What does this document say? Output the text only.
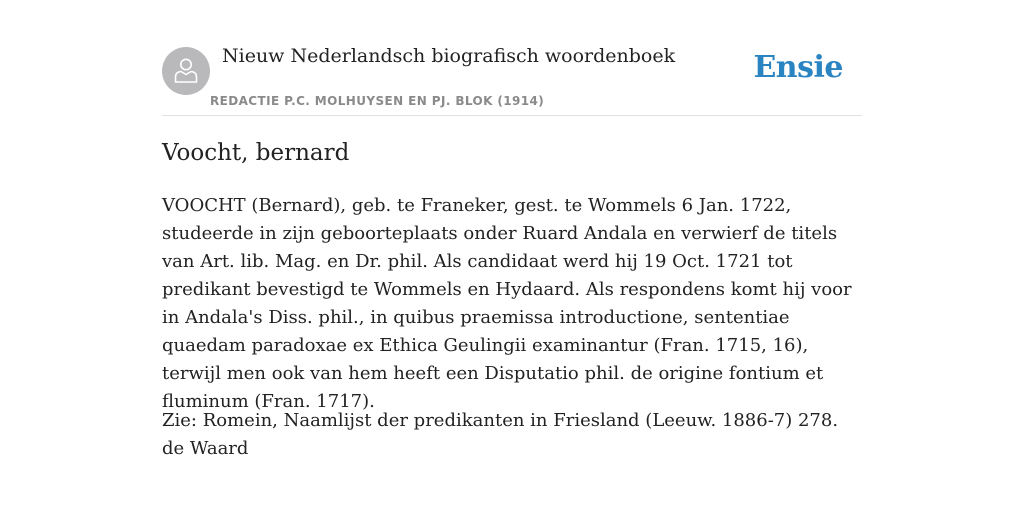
Nieuw Nederlandsch biografisch woordenboek
REDACTIE P.C. MOLHUYSEN EN PJ. BLOK (1914)
Ensie
Voocht, bernard

VOOCHT (Bernard), geb. te Franeker, gest. te Wommels 6 Jan. 1722, studeerde in zijn geboorteplaats onder Ruard Andala en verwierf de titels van Art. lib. Mag. en Dr. phil. Als candidaat werd hij 19 Oct. 1721 tot predikant bevestigd te Wommels en Hydaard. Als respondens komt hij voor in Andala's Diss. phil., in quibus praemissa introductione, sententiae quaedam paradoxae ex Ethica Geulingii examinantur (Fran. 1715, 16), terwijl men ook van hem heeft een Disputatio phil. de origine fontium et fluminum (Fran. 1717).

Zie: Romein, Naamlijst der predikanten in Friesland (Leeuw. 1886-7) 278. de Waard
